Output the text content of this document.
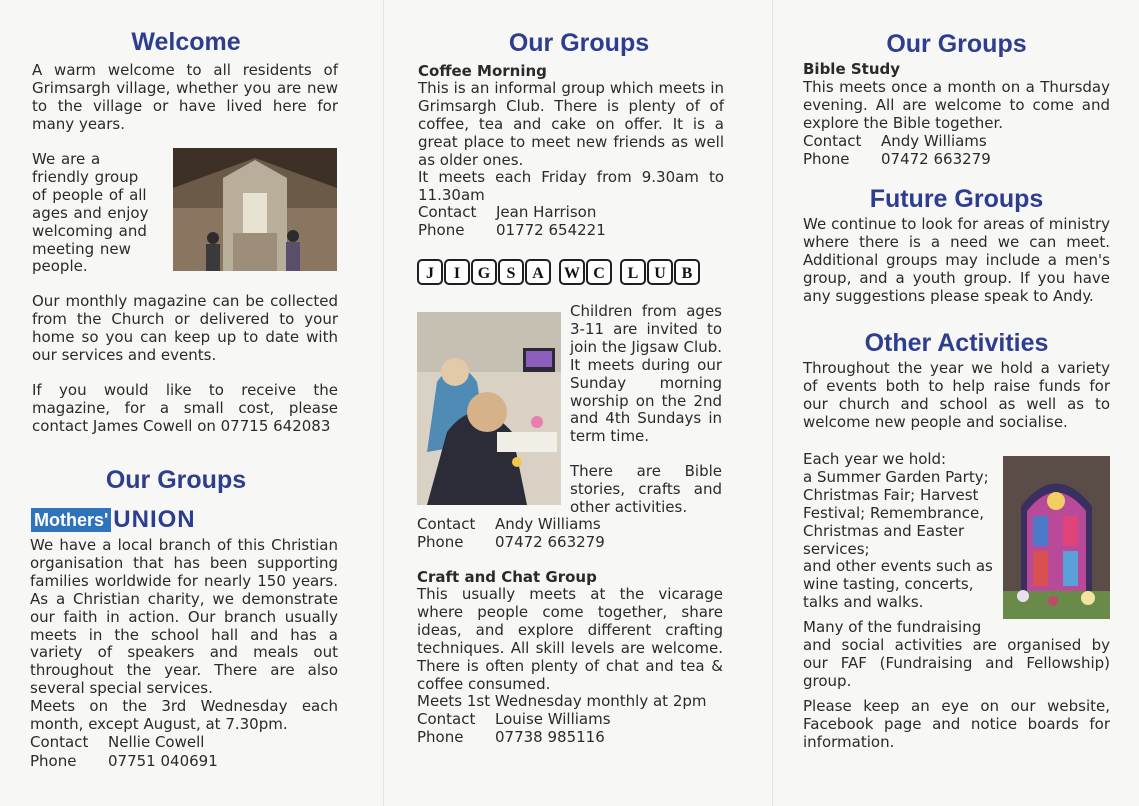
Welcome

A warm welcome to all residents of Grimsargh village, whether you are new to the village or have lived here for many years.

We are a friendly group of people of all ages and enjoy welcoming and meeting new people.

Our monthly magazine can be collected from the Church or delivered to your home so you can keep up to date with our services and events.

If you would like to receive the magazine, for a small cost, please contact James Cowell on 07715 642083

Our Groups
Mothers' UNION

We have a local branch of this Christian organisation that has been supporting families worldwide for nearly 150 years. As a Christian charity, we demonstrate our faith in action. Our branch usually meets in the school hall and has a variety of speakers and meals out throughout the year. There are also several special services.

Meets on the 3rd Wednesday each month, except August, at 7.30pm.

Contact	Nellie Cowell
Phone	07751 040691
Our Groups
Coffee Morning

This is an informal group which meets in Grimsargh Club. There is plenty of of coffee, tea and cake on offer. It is a great place to meet new friends as well as older ones.

It meets each Friday from 9.30am to 11.30am

Contact	Jean Harrison
Phone	01772 654221
J	I	G	S	A	W C	L U B

Children from ages 3-11 are invited to join the Jigsaw Club. It meets during our Sunday morning worship on the 2nd and 4th Sundays in term time.

There are Bible stories, crafts and other activities.

Contact	Andy Williams
Phone	07472 663279
Craft and Chat Group

This usually meets at the vicarage where people come together, share ideas, and explore different crafting techniques. All skill levels are welcome. There is often plenty of chat and tea & coffee consumed.

Meets 1st Wednesday monthly at 2pm

Contact	Louise Williams
Phone	07738 985116
Our Groups
Bible Study

This meets once a month on a Thursday evening. All are welcome to come and explore the Bible together.

Contact	Andy Williams
Phone	07472 663279
Future Groups

We continue to look for areas of ministry where there is a need we can meet. Additional groups may include a men's group, and a youth group. If you have any suggestions please speak to Andy.

Other Activities

Throughout the year we hold a variety of events both to help raise funds for our church and school as well as to welcome new people and socialise.

Each year we hold:
a Summer Garden Party;
Christmas Fair; Harvest
Festival; Remembrance,
Christmas and Easter
services;
and other events such as
wine tasting, concerts,
talks and walks.

Many of the fundraising

and social activities are organised by our FAF (Fundraising and Fellowship) group.

Please keep an eye on our website, Facebook page and notice boards for information.
